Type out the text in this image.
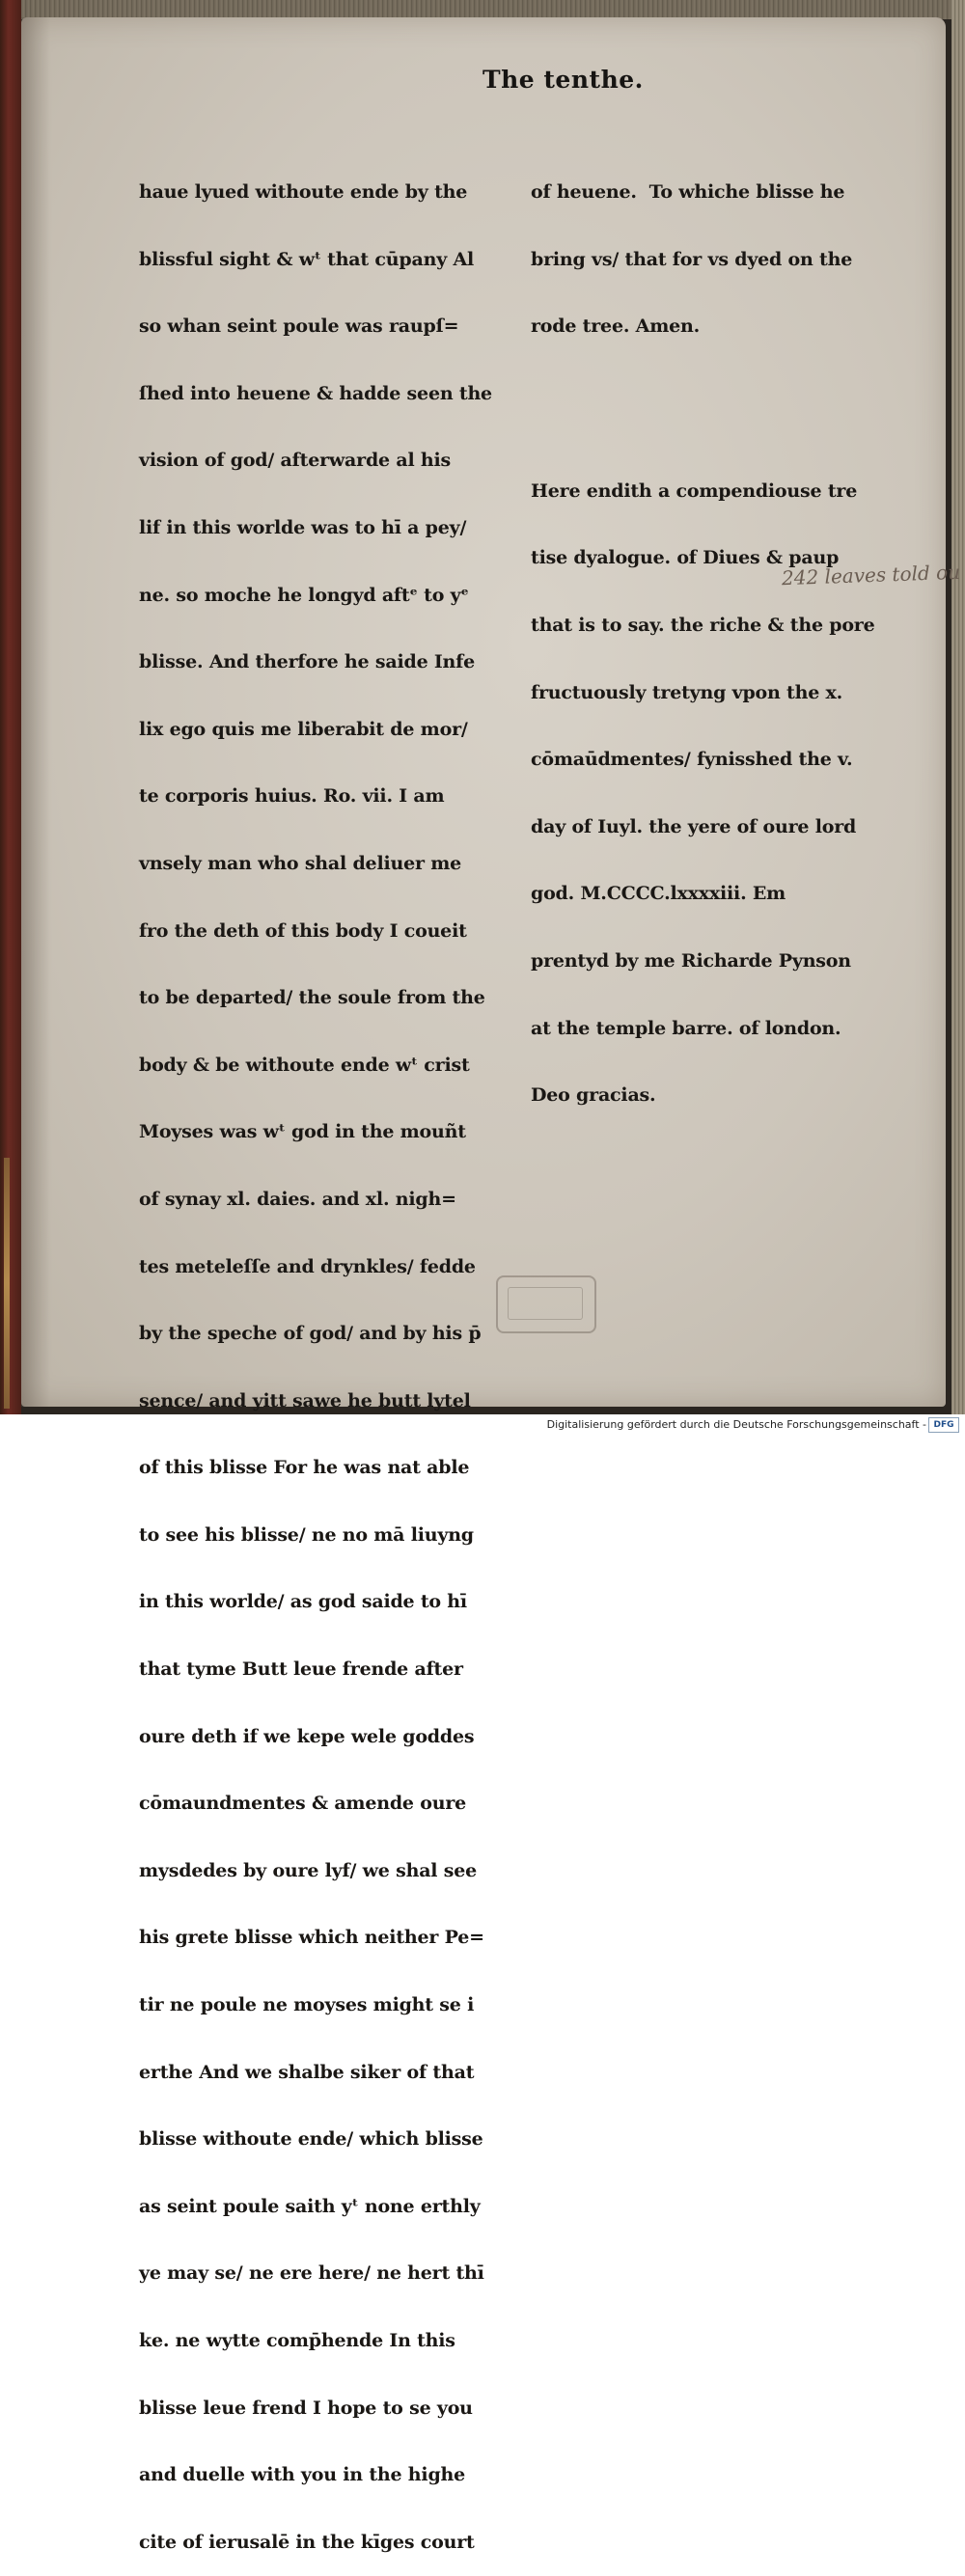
The tenthe.

haue lyued withoute ende by the

blissful sight & wᵗ that cūpany Al

so whan seint poule was raupſ=

ſhed into heuene & hadde seen the

vision of god/ afterwarde al his

lif in this worlde was to hī a pey/

ne. so moche he longyd aftᵉ to yᵉ

blisse. And therfore he saide Infe

lix ego quis me liberabit de mor/

te corporis huius. Ro. vii. I am

vnsely man who shal deliuer me

fro the deth of this body I coueit

to be departed/ the soule from the

body & be withoute ende wᵗ crist

Moyses was wᵗ god in the mouñt

of synay xl. daies. and xl. nigh=

tes meteleſſe and drynkles/ fedde

by the speche of god/ and by his p̄

sence/ and yitt sawe he butt lytel

of this blisse For he was nat able

to see his blisse/ ne no mā liuyng

in this worlde/ as god saide to hī

that tyme Butt leue frende after

oure deth if we kepe wele goddes

cōmaundmentes & amende oure

mysdedes by oure lyf/ we shal see

his grete blisse which neither Pe=

tir ne poule ne moyses might se i

erthe And we shalbe siker of that

blisse withoute ende/ which blisse

as seint poule saith yᵗ none erthly

ye may se/ ne ere here/ ne hert thī

ke. ne wytte comp̄hende In this

blisse leue frend I hope to se you

and duelle with you in the highe

cite of ierusalē in the kīges court

of heuene.  To whiche blisse he

bring vs/ that for vs dyed on the

rode tree. Amen.

Here endith a compendiouse tre

tise dyalogue. of Diues & paup

that is to say. the riche & the pore

fructuously tretyng vpon the x.

cōmaūdmentes/ fynisshed the v.

day of Iuyl. the yere of oure lord

god. M.CCCC.lxxxxiii. Em

prentyd by me Richarde Pynson

at the temple barre. of london.

Deo gracias.

242 leaves told ou
Digitalisierung gefördert durch die Deutsche Forschungsgemeinschaft - DFG
